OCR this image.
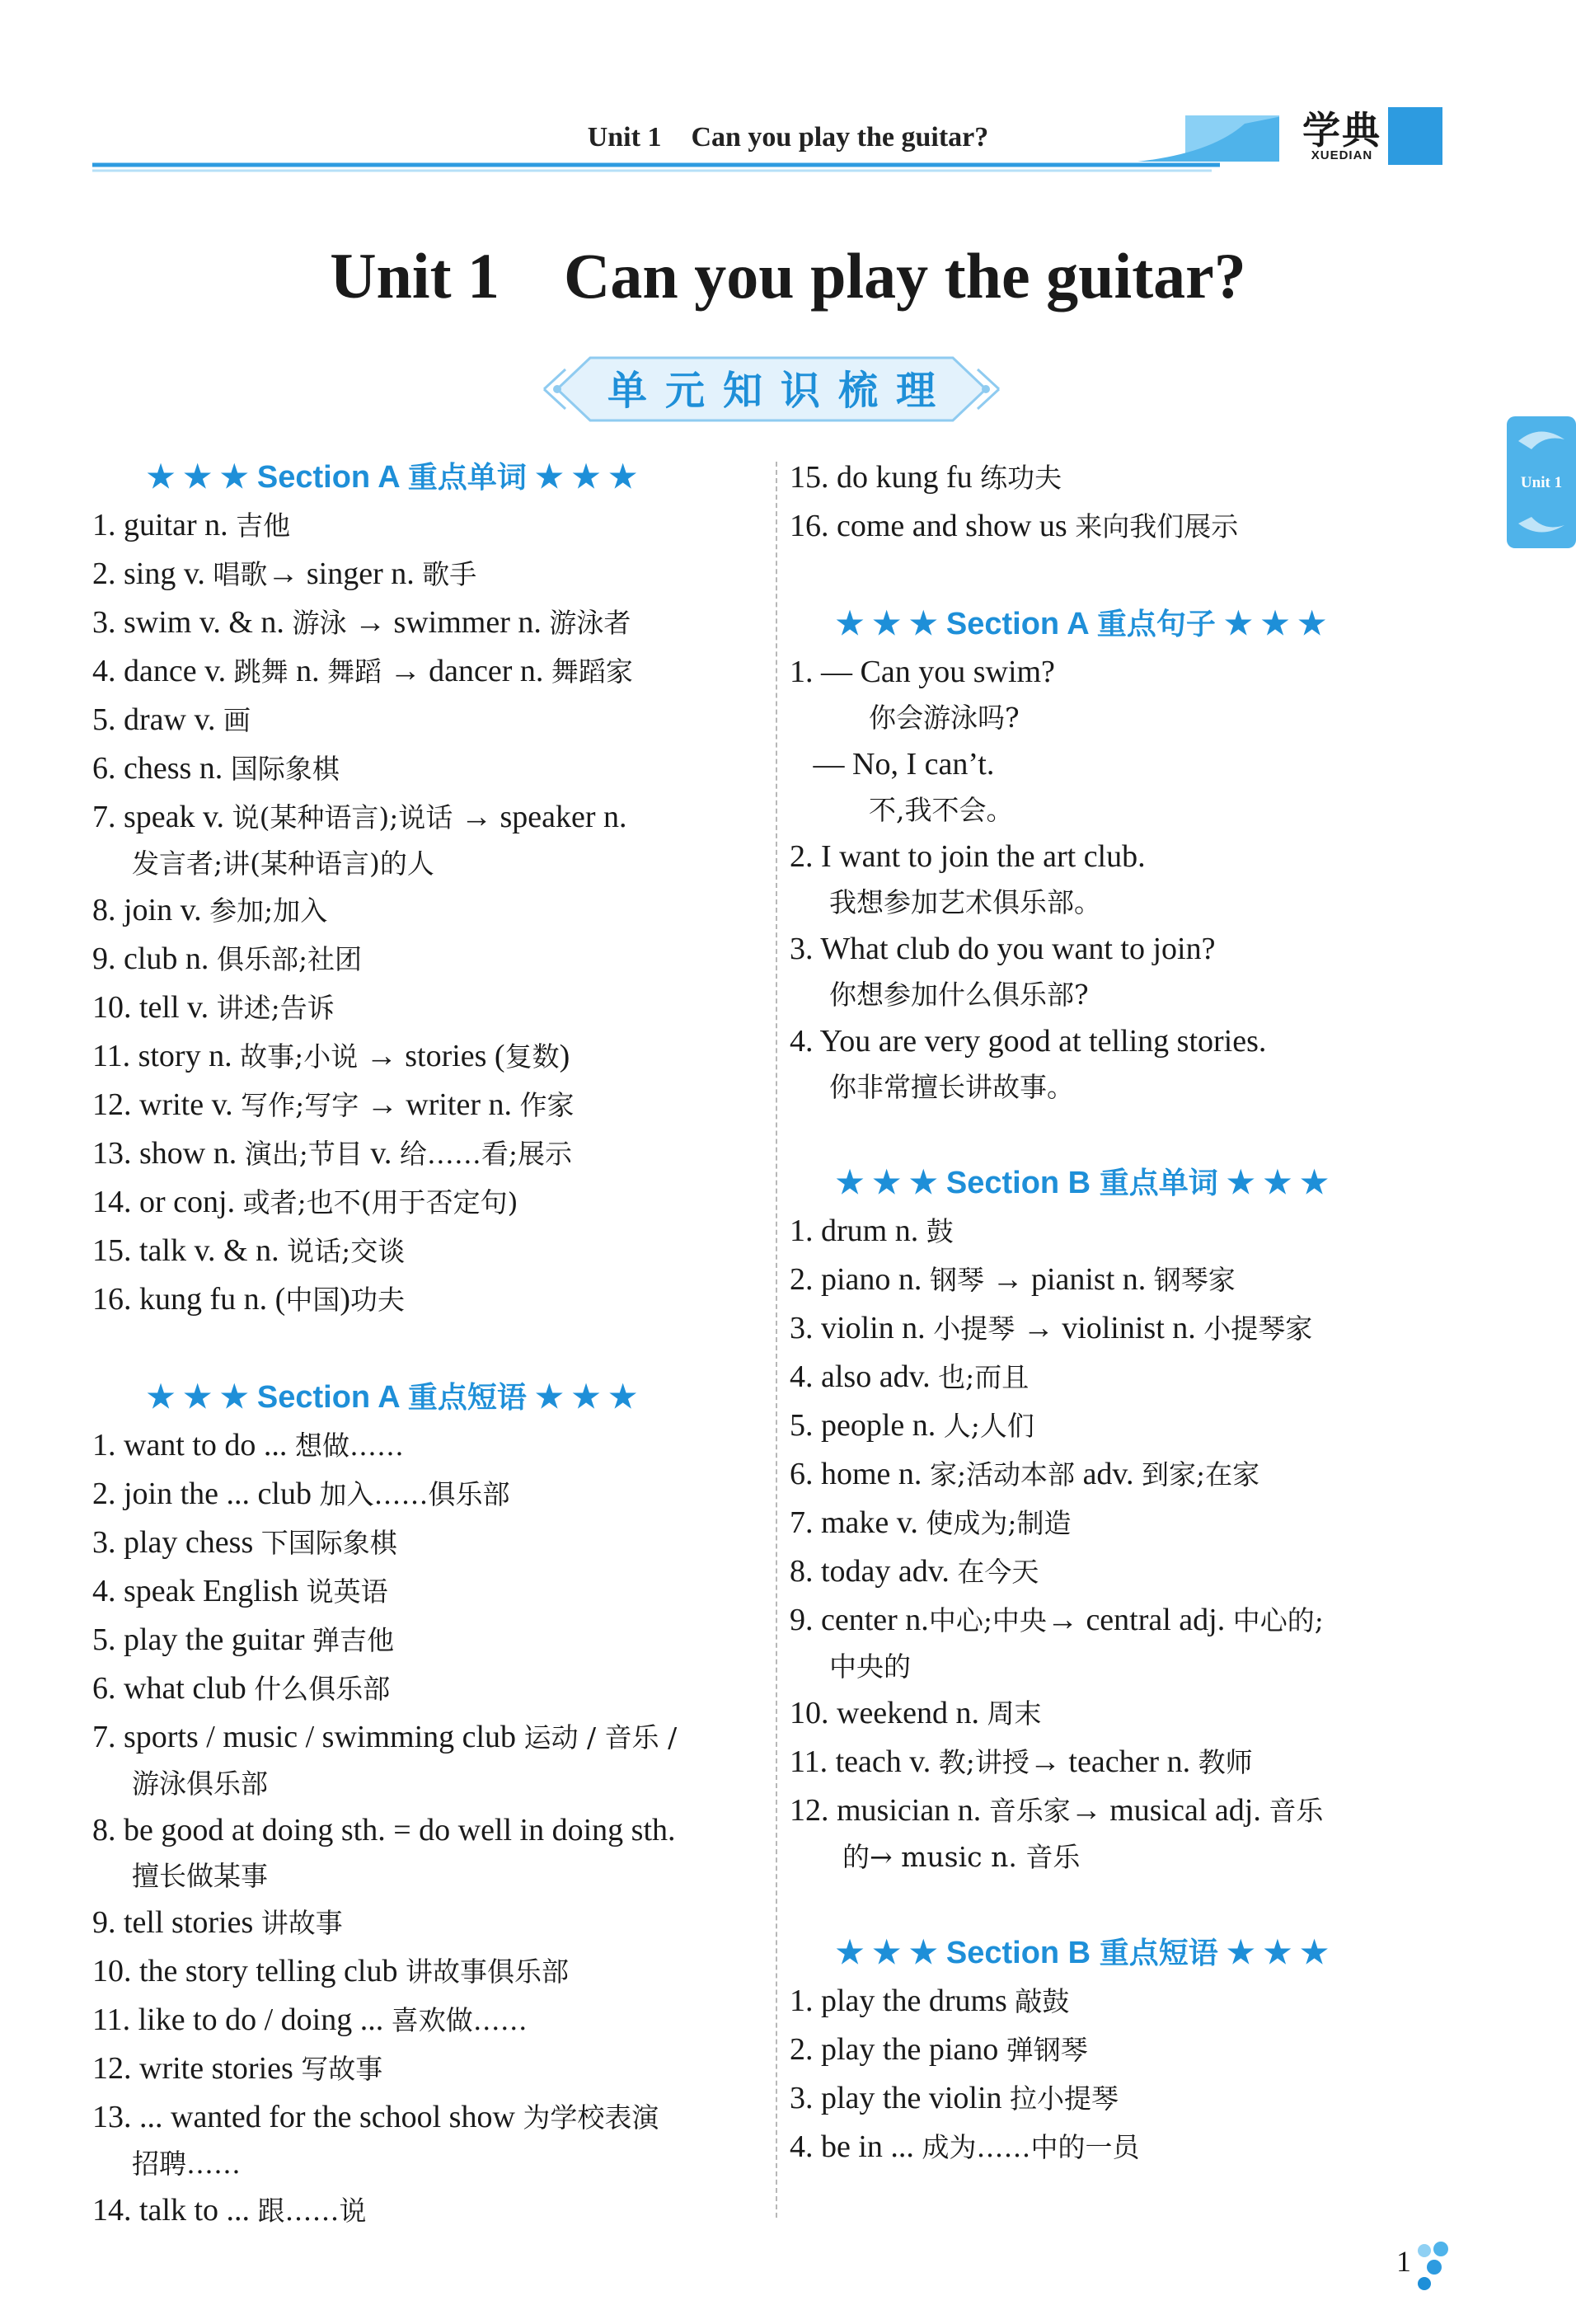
Unit 1 Can you play the guitar?	学典
XUEDIAN
Unit 1    Can you play the guitar?
单元知识梳理
Unit 1
★ ★ ★ Section A 重点单词 ★ ★ ★
1. guitar n. 吉他
2. sing v. 唱歌→ singer n. 歌手
3. swim v. & n. 游泳 → swimmer n. 游泳者
4. dance v. 跳舞 n. 舞蹈 → dancer n. 舞蹈家
5. draw v. 画
6. chess n. 国际象棋
7. speak v. 说(某种语言);说话 → speaker n.
发言者;讲(某种语言)的人
8. join v. 参加;加入
9. club n. 俱乐部;社团
10. tell v. 讲述;告诉
11. story n. 故事;小说 → stories (复数)
12. write v. 写作;写字 → writer n. 作家
13. show n. 演出;节目 v. 给……看;展示
14. or conj. 或者;也不(用于否定句)
15. talk v. & n. 说话;交谈
16. kung fu n. (中国)功夫
★ ★ ★ Section A 重点短语 ★ ★ ★
1. want to do ... 想做……
2. join the ... club 加入……俱乐部
3. play chess 下国际象棋
4. speak English 说英语
5. play the guitar 弹吉他
6. what club 什么俱乐部
7. sports / music / swimming club 运动 / 音乐 /
游泳俱乐部
8. be good at doing sth. = do well in doing sth.
擅长做某事
9. tell stories 讲故事
10. the story telling club 讲故事俱乐部
11. like to do / doing ... 喜欢做……
12. write stories 写故事
13. ... wanted for the school show 为学校表演
招聘……
14. talk to ... 跟……说
15. do kung fu 练功夫
16. come and show us 来向我们展示
★ ★ ★ Section A 重点句子 ★ ★ ★
1. — Can you swim?
你会游泳吗?
— No, I can’t.
不,我不会。
2. I want to join the art club.
我想参加艺术俱乐部。
3. What club do you want to join?
你想参加什么俱乐部?
4. You are very good at telling stories.
你非常擅长讲故事。
★ ★ ★ Section B 重点单词 ★ ★ ★
1. drum n. 鼓
2. piano n. 钢琴 → pianist n. 钢琴家
3. violin n. 小提琴 → violinist n. 小提琴家
4. also adv. 也;而且
5. people n. 人;人们
6. home n. 家;活动本部 adv. 到家;在家
7. make v. 使成为;制造
8. today adv. 在今天
9. center n.中心;中央→ central adj. 中心的;
中央的
10. weekend n. 周末
11. teach v. 教;讲授→ teacher n. 教师
12. musician n. 音乐家→ musical adj. 音乐
的→ music n. 音乐
★ ★ ★ Section B 重点短语 ★ ★ ★
1. play the drums 敲鼓
2. play the piano 弹钢琴
3. play the violin 拉小提琴
4. be in ... 成为……中的一员
1
